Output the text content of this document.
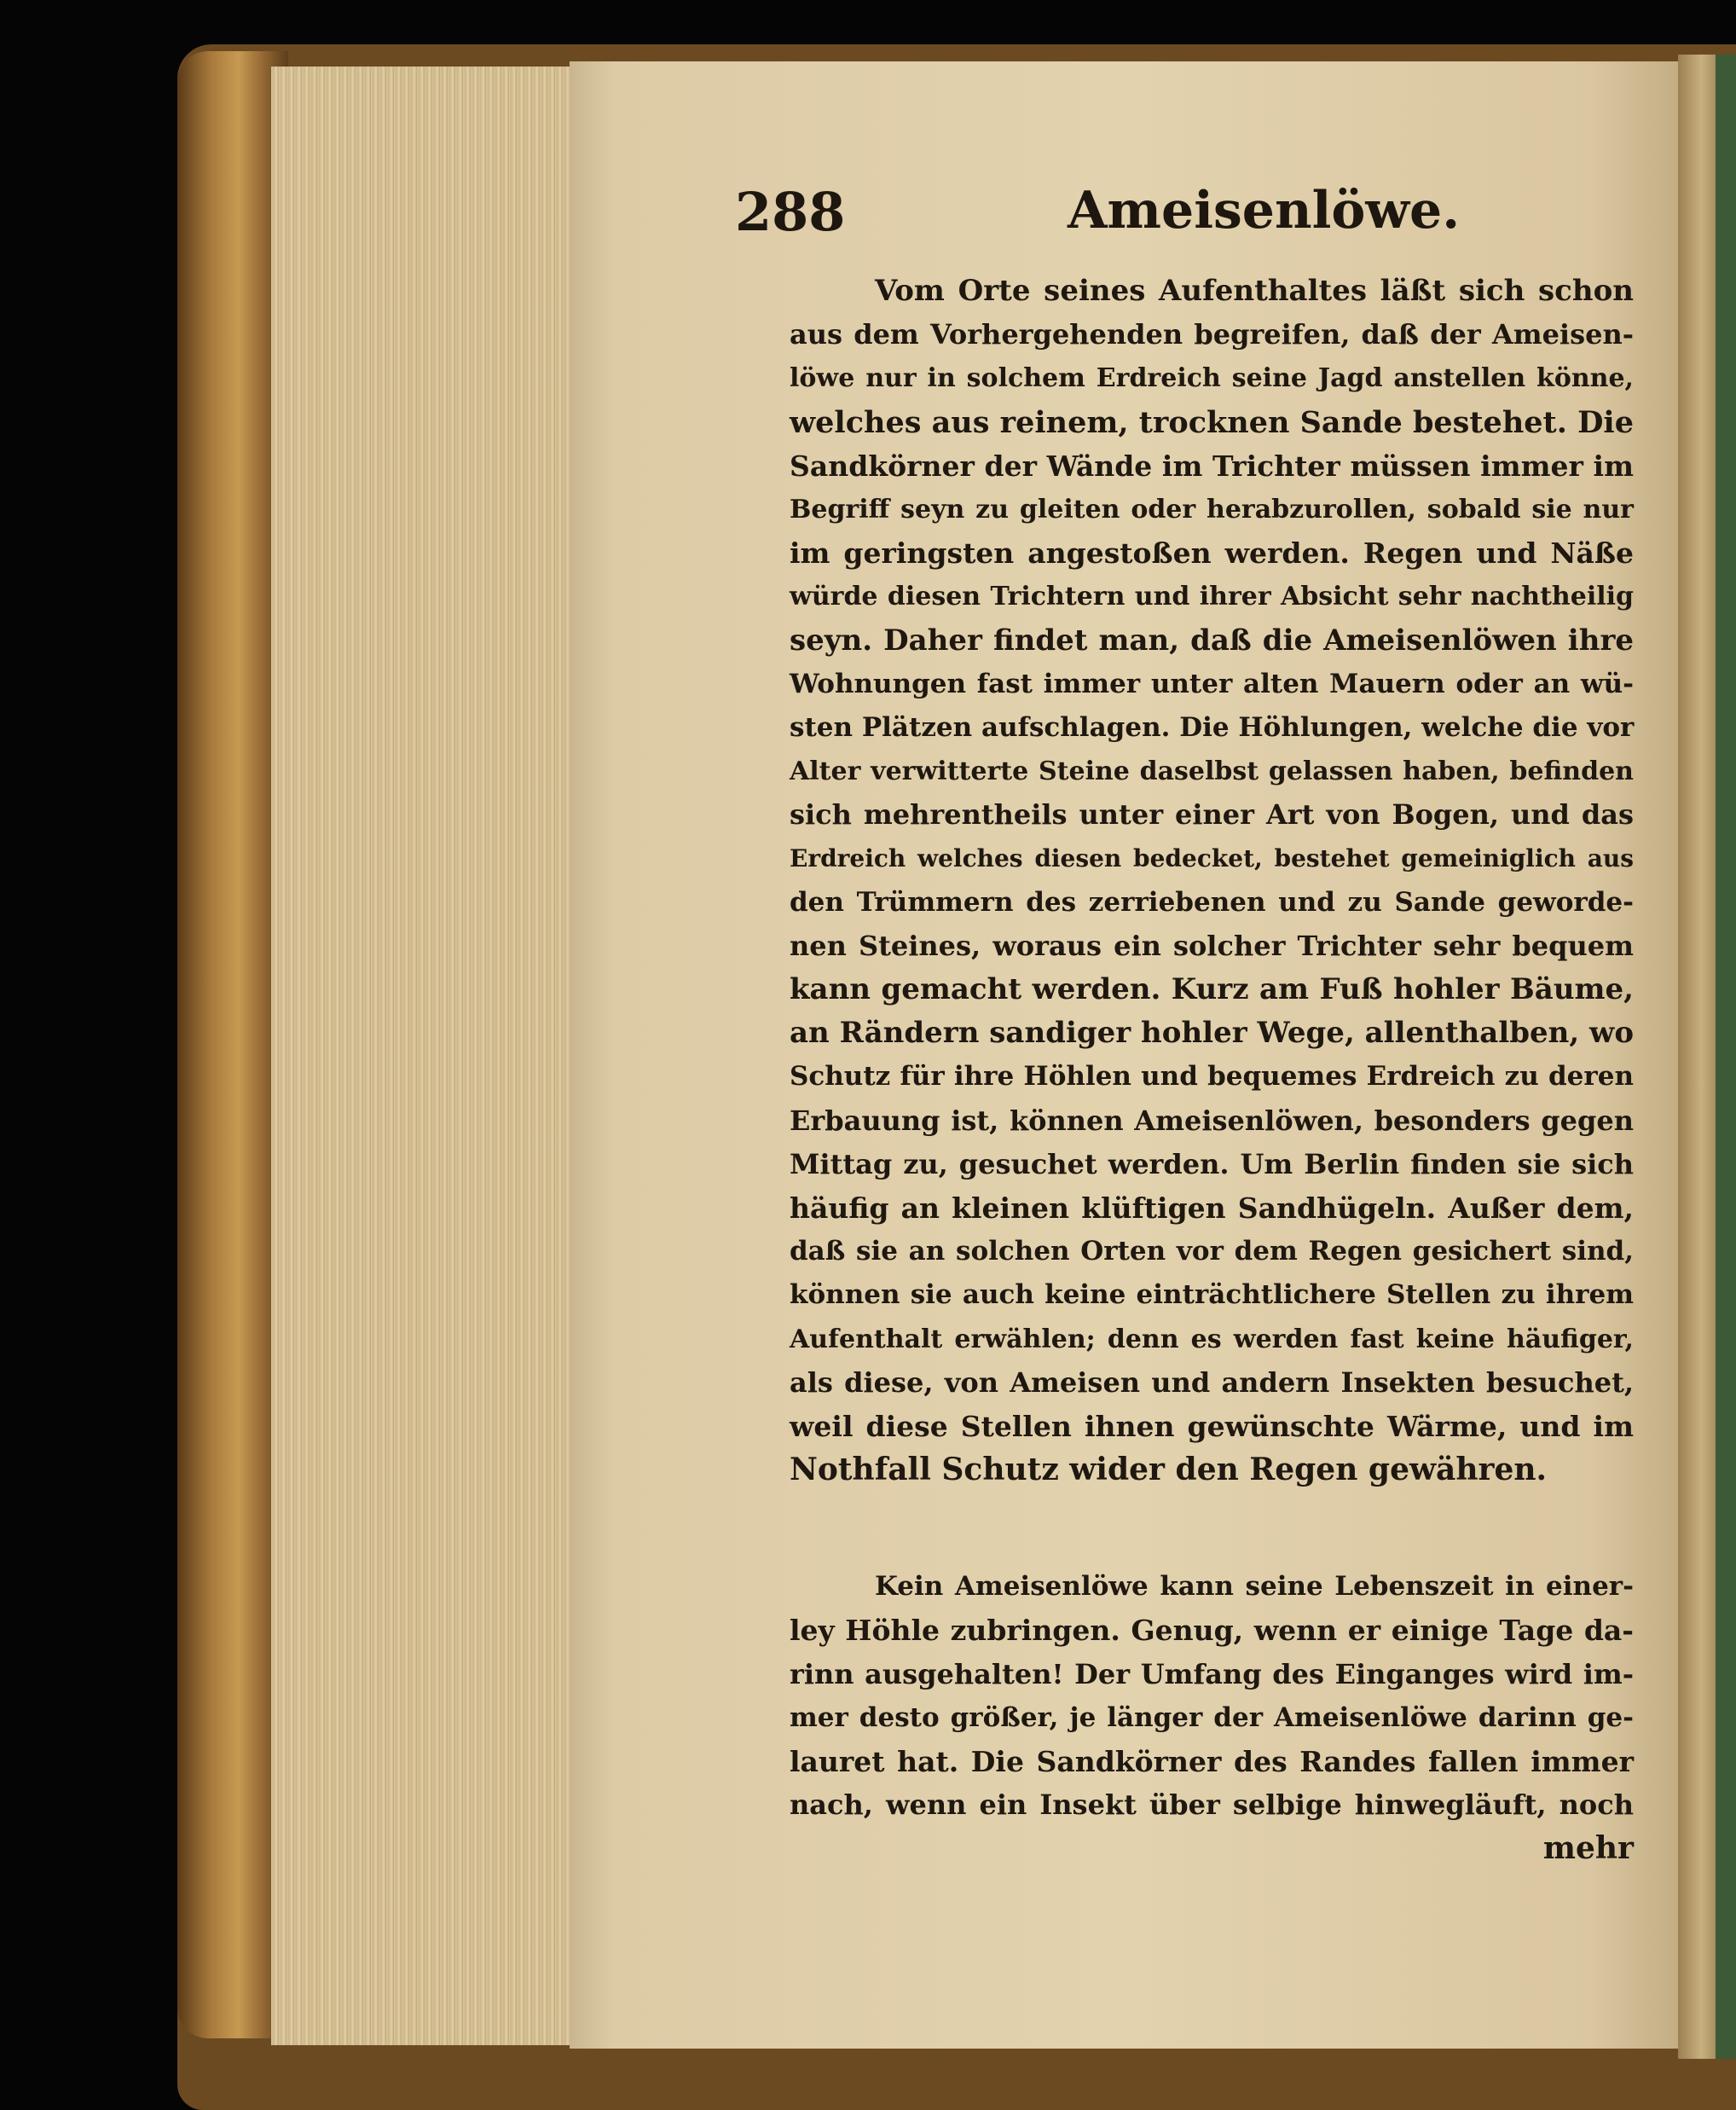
288	Ameisenlöwe.
Vom Orte seines Aufenthaltes läßt sich schon
aus dem Vorhergehenden begreifen, daß der Ameisen-
löwe nur in solchem Erdreich seine Jagd anstellen könne,
welches aus reinem, trocknen Sande bestehet. Die
Sandkörner der Wände im Trichter müssen immer im
Begriff seyn zu gleiten oder herabzurollen, sobald sie nur
im geringsten angestoßen werden. Regen und Näße
würde diesen Trichtern und ihrer Absicht sehr nachtheilig
seyn. Daher findet man, daß die Ameisenlöwen ihre
Wohnungen fast immer unter alten Mauern oder an wü-
sten Plätzen aufschlagen. Die Höhlungen, welche die vor
Alter verwitterte Steine daselbst gelassen haben, befinden
sich mehrentheils unter einer Art von Bogen, und das
Erdreich welches diesen bedecket, bestehet gemeiniglich aus
den Trümmern des zerriebenen und zu Sande geworde-
nen Steines, woraus ein solcher Trichter sehr bequem
kann gemacht werden. Kurz am Fuß hohler Bäume,
an Rändern sandiger hohler Wege, allenthalben, wo
Schutz für ihre Höhlen und bequemes Erdreich zu deren
Erbauung ist, können Ameisenlöwen, besonders gegen
Mittag zu, gesuchet werden. Um Berlin finden sie sich
häufig an kleinen klüftigen Sandhügeln. Außer dem,
daß sie an solchen Orten vor dem Regen gesichert sind,
können sie auch keine einträchtlichere Stellen zu ihrem
Aufenthalt erwählen; denn es werden fast keine häufiger,
als diese, von Ameisen und andern Insekten besuchet,
weil diese Stellen ihnen gewünschte Wärme, und im
Nothfall Schutz wider den Regen gewähren.
Kein Ameisenlöwe kann seine Lebenszeit in einer-
ley Höhle zubringen. Genug, wenn er einige Tage da-
rinn ausgehalten! Der Umfang des Einganges wird im-
mer desto größer, je länger der Ameisenlöwe darinn ge-
lauret hat. Die Sandkörner des Randes fallen immer
nach, wenn ein Insekt über selbige hinwegläuft, noch
mehr
